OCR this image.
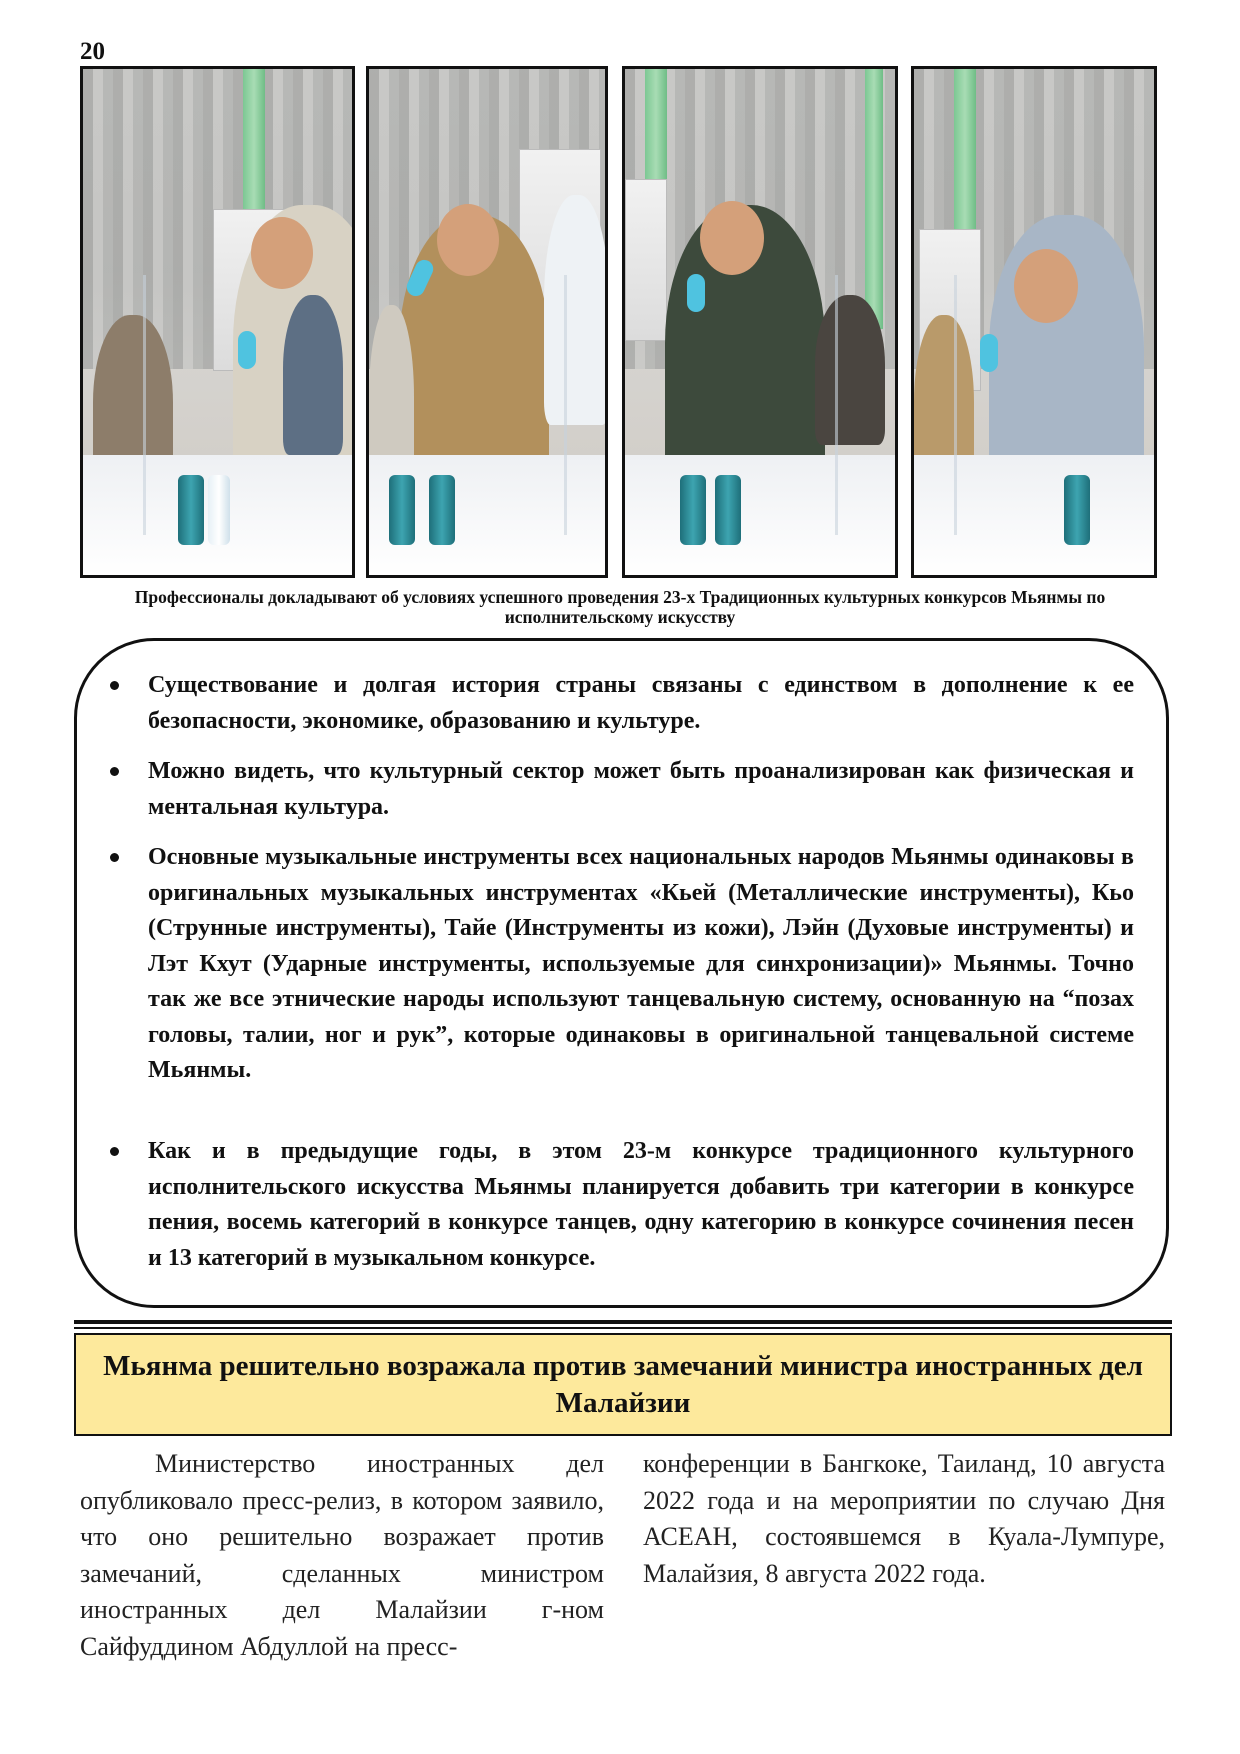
20
Профессионалы докладывают об условиях успешного проведения 23-х Традиционных культурных конкурсов Мьянмы по исполнительскому искусству
Существование и долгая история страны связаны с единством в дополнение к ее безопасности, экономике, образованию и культуре.
Можно видеть, что культурный сектор может быть проанализирован как физическая и ментальная культура.
Основные музыкальные инструменты всех национальных народов Мьянмы одинаковы в оригинальных музыкальных инструментах «Кьей (Металлические инструменты), Кьо (Струнные инструменты), Тайе (Инструменты из кожи), Лэйн (Духовые инструменты) и Лэт Кхут (Ударные инструменты, используемые для синхронизации)» Мьянмы. Точно так же все этнические народы используют танцевальную систему, основанную на “позах головы, талии, ног и рук”, которые одинаковы в оригинальной танцевальной системе Мьянмы.
Как и в предыдущие годы, в этом 23-м конкурсе традиционного культурного исполнительского искусства Мьянмы планируется добавить три категории в конкурсе пения, восемь категорий в конкурсе танцев, одну категорию в конкурсе сочинения песен и 13 категорий в музыкальном конкурсе.
Мьянма решительно возражала против замечаний министра иностранных дел Малайзии
Министерство иностранных дел опубликовало пресс-релиз, в котором заявило, что оно решительно возражает против замечаний, сделанных министром иностранных дел Малайзии г-ном Сайфуддином Абдуллой на пресс-
конференции в Бангкоке, Таиланд, 10 августа 2022 года и на мероприятии по случаю Дня АСЕАН, состоявшемся в Куала-Лумпуре, Малайзия, 8 августа 2022 года.
